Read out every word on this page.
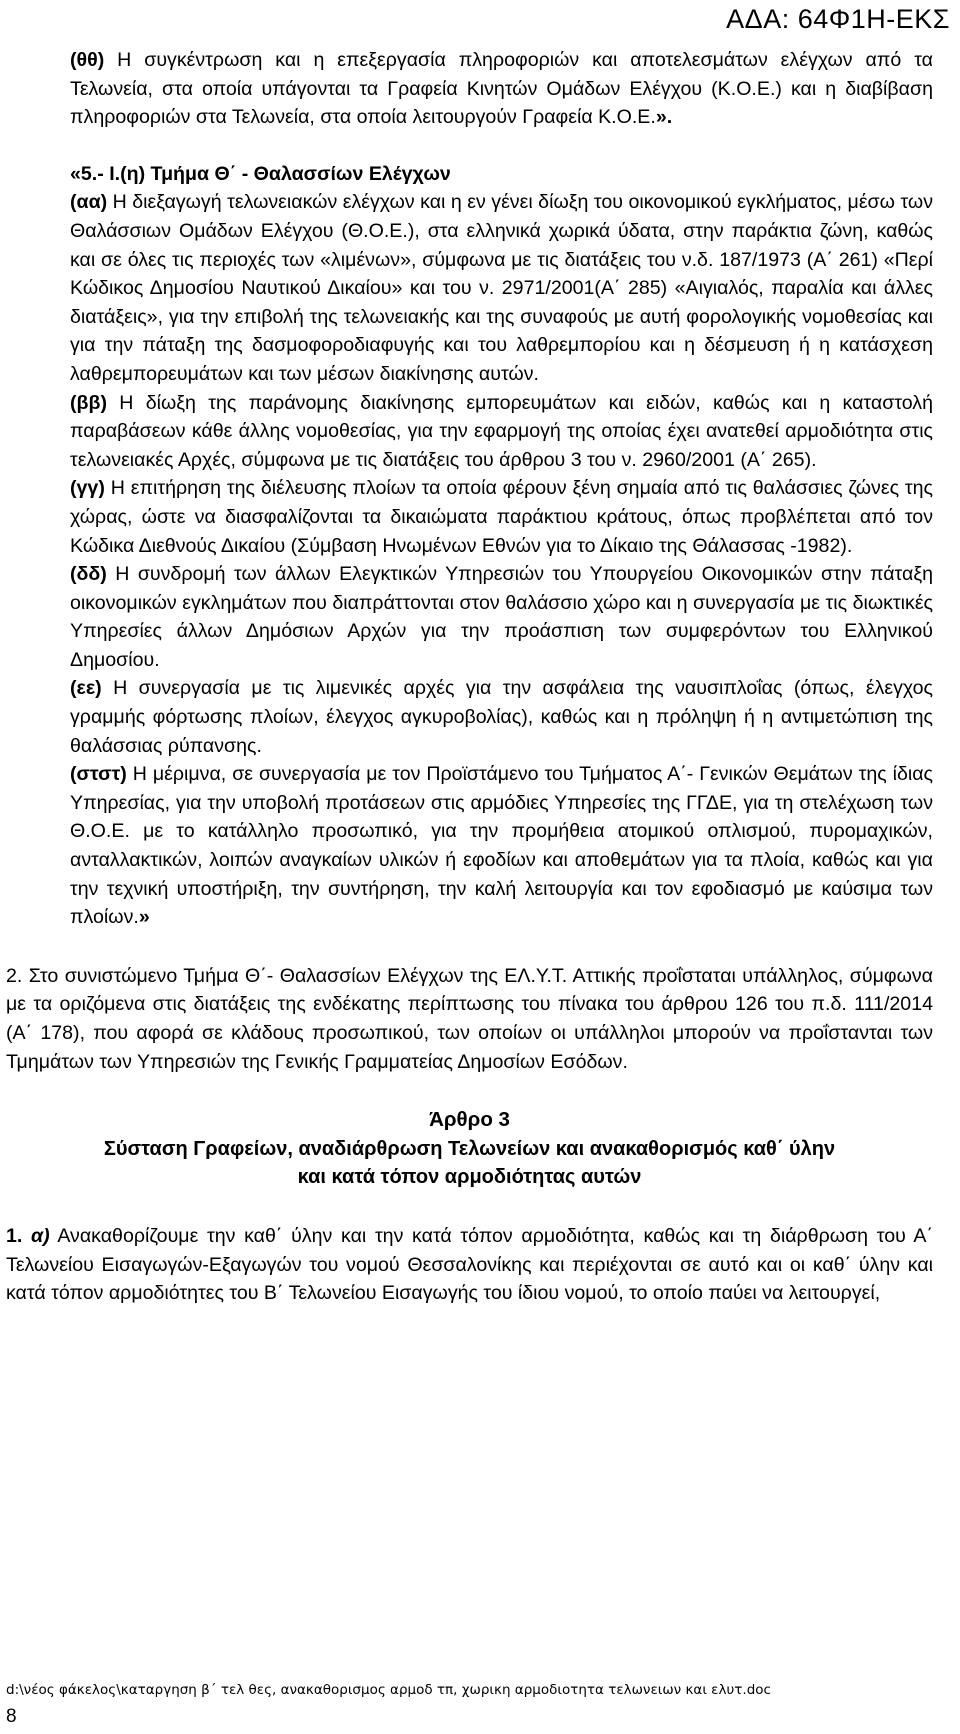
ΑΔΑ: 64Φ1Η-ΕΚΣ

(θθ) Η συγκέντρωση και η επεξεργασία πληροφοριών και αποτελεσμάτων ελέγχων από τα Τελωνεία, στα οποία υπάγονται τα Γραφεία Κινητών Ομάδων Ελέγχου (Κ.Ο.Ε.) και η διαβίβαση πληροφοριών στα Τελωνεία, στα οποία λειτουργούν Γραφεία Κ.Ο.Ε.».

«5.- Ι.(η) Τμήμα Θ΄ - Θαλασσίων Ελέγχων

(αα) Η διεξαγωγή τελωνειακών ελέγχων και η εν γένει δίωξη του οικονομικού εγκλήματος, μέσω των Θαλάσσιων Ομάδων Ελέγχου (Θ.Ο.Ε.), στα ελληνικά χωρικά ύδατα, στην παράκτια ζώνη, καθώς και σε όλες τις περιοχές των «λιμένων», σύμφωνα με τις διατάξεις του ν.δ. 187/1973 (Α΄ 261) «Περί Κώδικος Δημοσίου Ναυτικού Δικαίου» και του ν. 2971/2001(Α΄ 285) «Αιγιαλός, παραλία και άλλες διατάξεις», για την επιβολή της τελωνειακής και της συναφούς με αυτή φορολογικής νομοθεσίας και για την πάταξη της δασμοφοροδιαφυγής και του λαθρεμπορίου και η δέσμευση ή η κατάσχεση λαθρεμπορευμάτων και των μέσων διακίνησης αυτών.

(ββ) Η δίωξη της παράνομης διακίνησης εμπορευμάτων και ειδών, καθώς και η καταστολή παραβάσεων κάθε άλλης νομοθεσίας, για την εφαρμογή της οποίας έχει ανατεθεί αρμοδιότητα στις τελωνειακές Αρχές, σύμφωνα με τις διατάξεις του άρθρου 3 του ν. 2960/2001 (Α΄ 265).

(γγ) Η επιτήρηση της διέλευσης πλοίων τα οποία φέρουν ξένη σημαία από τις θαλάσσιες ζώνες της χώρας, ώστε να διασφαλίζονται τα δικαιώματα παράκτιου κράτους, όπως προβλέπεται από τον Κώδικα Διεθνούς Δικαίου (Σύμβαση Ηνωμένων Εθνών για το Δίκαιο της Θάλασσας -1982).

(δδ) Η συνδρομή των άλλων Ελεγκτικών Υπηρεσιών του Υπουργείου Οικονομικών στην πάταξη οικονομικών εγκλημάτων που διαπράττονται στον θαλάσσιο χώρο και η συνεργασία με τις διωκτικές Υπηρεσίες άλλων Δημόσιων Αρχών για την προάσπιση των συμφερόντων του Ελληνικού Δημοσίου.

(εε) Η συνεργασία με τις λιμενικές αρχές για την ασφάλεια της ναυσιπλοΐας (όπως, έλεγχος γραμμής φόρτωσης πλοίων, έλεγχος αγκυροβολίας), καθώς και η πρόληψη ή η αντιμετώπιση της θαλάσσιας ρύπανσης.

(στστ) Η μέριμνα, σε συνεργασία με τον Προϊστάμενο του Τμήματος Α΄- Γενικών Θεμάτων της ίδιας Υπηρεσίας, για την υποβολή προτάσεων στις αρμόδιες Υπηρεσίες της ΓΓΔΕ, για τη στελέχωση των Θ.Ο.Ε. με το κατάλληλο προσωπικό, για την προμήθεια ατομικού οπλισμού, πυρομαχικών, ανταλλακτικών, λοιπών αναγκαίων υλικών ή εφοδίων και αποθεμάτων για τα πλοία, καθώς και για την τεχνική υποστήριξη, την συντήρηση, την καλή λειτουργία και τον εφοδιασμό με καύσιμα των πλοίων.»

2. Στο συνιστώμενο Τμήμα Θ΄- Θαλασσίων Ελέγχων της ΕΛ.Υ.Τ. Αττικής προΐσταται υπάλληλος, σύμφωνα με τα οριζόμενα στις διατάξεις της ενδέκατης περίπτωσης του πίνακα του άρθρου 126 του π.δ. 111/2014 (Α΄ 178), που αφορά σε κλάδους προσωπικού, των οποίων οι υπάλληλοι μπορούν να προΐστανται των Τμημάτων των Υπηρεσιών της Γενικής Γραμματείας Δημοσίων Εσόδων.

Άρθρο 3

Σύσταση Γραφείων, αναδιάρθρωση Τελωνείων και ανακαθορισμός καθ΄ ύλην

και κατά τόπον αρμοδιότητας αυτών

1. α) Ανακαθορίζουμε την καθ΄ ύλην και την κατά τόπον αρμοδιότητα, καθώς και τη διάρθρωση του Α΄ Τελωνείου Εισαγωγών-Εξαγωγών του νομού Θεσσαλονίκης και περιέχονται σε αυτό και οι καθ΄ ύλην και κατά τόπον αρμοδιότητες του Β΄ Τελωνείου Εισαγωγής του ίδιου νομού, το οποίο παύει να λειτουργεί,

d:\νέος φάκελος\καταργηση β΄ τελ θες, ανακαθορισμος αρμοδ τπ, χωρικη αρμοδιοτητα τελωνειων και ελυτ.doc
8
